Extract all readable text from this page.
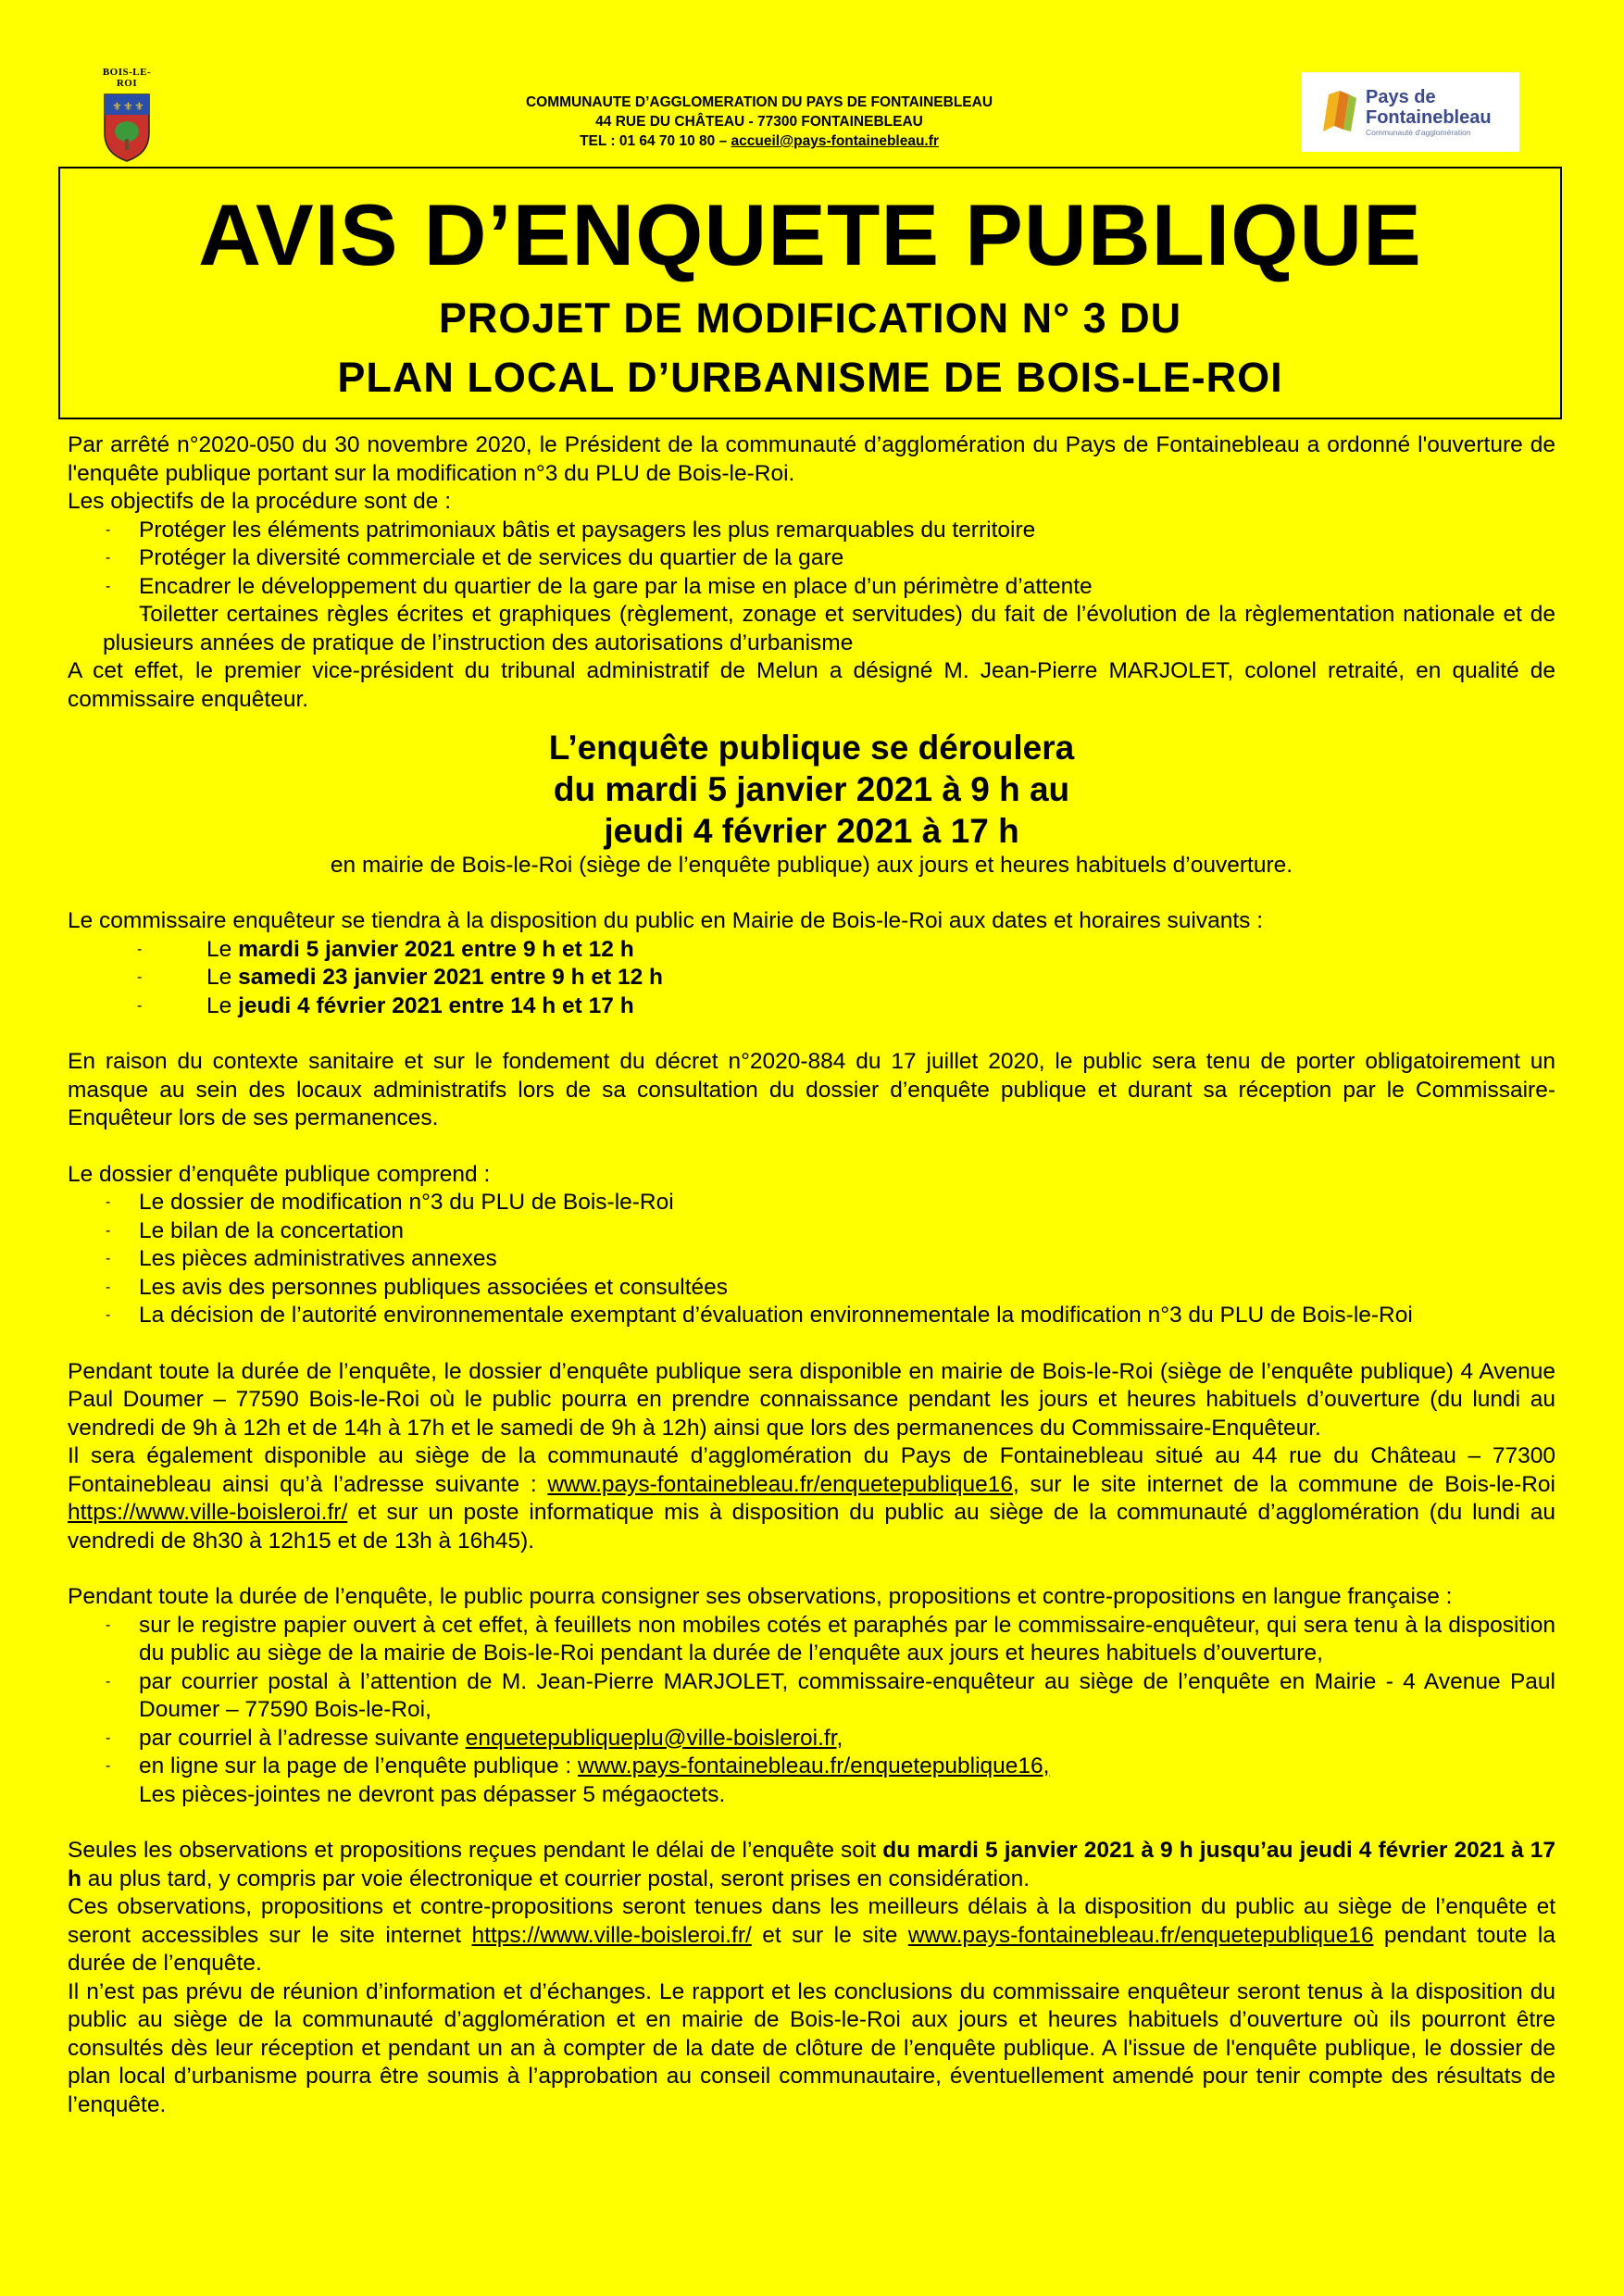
BOIS-LE-ROI
⚜ ⚜ ⚜	COMMUNAUTE D’AGGLOMERATION DU PAYS DE FONTAINEBLEAU
44 RUE DU CHÂTEAU - 77300 FONTAINEBLEAU
TEL : 01 64 70 10 80 – accueil@pays-fontainebleau.fr
Pays de
Fontainebleau
Communauté d'agglomération
AVIS D’ENQUETE PUBLIQUE
PROJET DE MODIFICATION N° 3 DU
PLAN LOCAL D’URBANISME DE BOIS-LE-ROI

Par arrêté n°2020-050 du 30 novembre 2020, le Président de la communauté d’agglomération du Pays de Fontainebleau a ordonné l'ouverture de l'enquête publique portant sur la modification n°3 du PLU de Bois-le-Roi.

Les objectifs de la procédure sont de :

- Protéger les éléments patrimoniaux bâtis et paysagers les plus remarquables du territoire
- Protéger la diversité commerciale et de services du quartier de la gare
- Encadrer le développement du quartier de la gare par la mise en place d’un périmètre d’attente
- Toiletter certaines règles écrites et graphiques (règlement, zonage et servitudes) du fait de l’évolution de la règlementation nationale et de plusieurs années de pratique de l’instruction des autorisations d’urbanisme

A cet effet, le premier vice-président du tribunal administratif de Melun a désigné M. Jean-Pierre MARJOLET, colonel retraité, en qualité de commissaire enquêteur.

L’enquête publique se déroulera
du mardi 5 janvier 2021 à 9 h au
jeudi 4 février 2021 à 17 h
en mairie de Bois-le-Roi (siège de l’enquête publique) aux jours et heures habituels d’ouverture.

Le commissaire enquêteur se tiendra à la disposition du public en Mairie de Bois-le-Roi aux dates et horaires suivants :

- Le mardi 5 janvier 2021 entre 9 h et 12 h
- Le samedi 23 janvier 2021 entre 9 h et 12 h
- Le jeudi 4 février 2021 entre 14 h et 17 h

En raison du contexte sanitaire et sur le fondement du décret n°2020-884 du 17 juillet 2020, le public sera tenu de porter obligatoirement un masque au sein des locaux administratifs lors de sa consultation du dossier d’enquête publique et durant sa réception par le Commissaire-Enquêteur lors de ses permanences.

Le dossier d’enquête publique comprend :

- Le dossier de modification n°3 du PLU de Bois-le-Roi
- Le bilan de la concertation
- Les pièces administratives annexes
- Les avis des personnes publiques associées et consultées
- La décision de l’autorité environnementale exemptant d’évaluation environnementale la modification n°3 du PLU de Bois-le-Roi

Pendant toute la durée de l’enquête, le dossier d’enquête publique sera disponible en mairie de Bois-le-Roi (siège de l’enquête publique) 4 Avenue Paul Doumer – 77590 Bois-le-Roi où le public pourra en prendre connaissance pendant les jours et heures habituels d’ouverture (du lundi au vendredi de 9h à 12h et de 14h à 17h et le samedi de 9h à 12h) ainsi que lors des permanences du Commissaire-Enquêteur.

Il sera également disponible au siège de la communauté d’agglomération du Pays de Fontainebleau situé au 44 rue du Château – 77300 Fontainebleau ainsi qu’à l’adresse suivante : www.pays-fontainebleau.fr/enquetepublique16, sur le site internet de la commune de Bois-le-Roi https://www.ville-boisleroi.fr/ et sur un poste informatique mis à disposition du public au siège de la communauté d’agglomération (du lundi au vendredi de 8h30 à 12h15 et de 13h à 16h45).

Pendant toute la durée de l’enquête, le public pourra consigner ses observations, propositions et contre-propositions en langue française :

- sur le registre papier ouvert à cet effet, à feuillets non mobiles cotés et paraphés par le commissaire-enquêteur, qui sera tenu à la disposition du public au siège de la mairie de Bois-le-Roi pendant la durée de l’enquête aux jours et heures habituels d’ouverture,
- par courrier postal à l’attention de M. Jean-Pierre MARJOLET, commissaire-enquêteur au siège de l’enquête en Mairie - 4 Avenue Paul Doumer – 77590 Bois-le-Roi,
- par courriel à l’adresse suivante enquetepubliqueplu@ville-boisleroi.fr,
- en ligne sur la page de l’enquête publique : www.pays-fontainebleau.fr/enquetepublique16,

Les pièces-jointes ne devront pas dépasser 5 mégaoctets.

Seules les observations et propositions reçues pendant le délai de l’enquête soit du mardi 5 janvier 2021 à 9 h jusqu’au jeudi 4 février 2021 à 17 h au plus tard, y compris par voie électronique et courrier postal, seront prises en considération.

Ces observations, propositions et contre-propositions seront tenues dans les meilleurs délais à la disposition du public au siège de l’enquête et seront accessibles sur le site internet https://www.ville-boisleroi.fr/ et sur le site www.pays-fontainebleau.fr/enquetepublique16 pendant toute la durée de l’enquête.

Il n’est pas prévu de réunion d’information et d’échanges. Le rapport et les conclusions du commissaire enquêteur seront tenus à la disposition du public au siège de la communauté d’agglomération et en mairie de Bois-le-Roi aux jours et heures habituels d’ouverture où ils pourront être consultés dès leur réception et pendant un an à compter de la date de clôture de l’enquête publique. A l'issue de l'enquête publique, le dossier de plan local d’urbanisme pourra être soumis à l’approbation au conseil communautaire, éventuellement amendé pour tenir compte des résultats de l’enquête.
